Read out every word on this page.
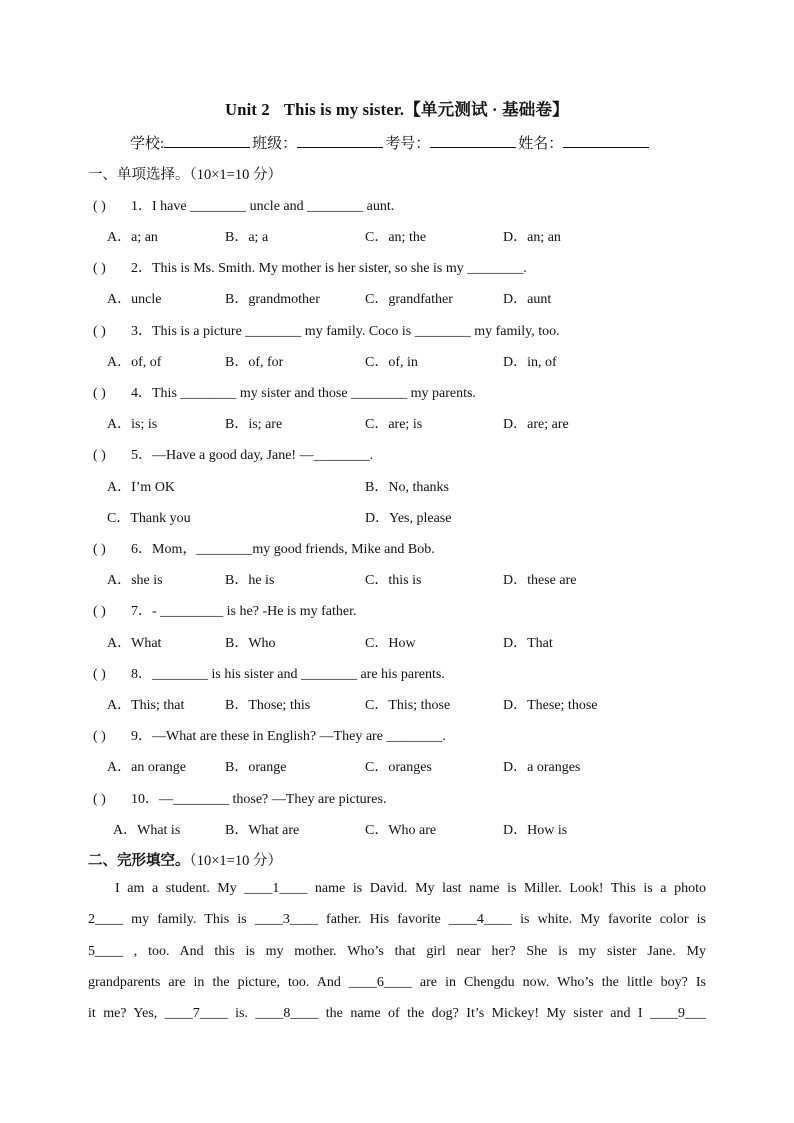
Unit 2 This is my sister.【单元测试 · 基础卷】
学校:	班级：	考号：	姓名：
一、单项选择。（10×1=10 分）
( ) 1．I have ________ uncle and ________ aunt.
A．a; an	B．a; a	C．an; the	D．an; an
( ) 2．This is Ms. Smith. My mother is her sister, so she is my ________.
A．uncle	B．grandmother	C．grandfather	D．aunt
( ) 3．This is a picture ________ my family. Coco is ________ my family, too.
A．of, of	B．of, for	C．of, in	D．in, of
( ) 4．This ________ my sister and those ________ my parents.
A．is; is	B．is; are	C．are; is	D．are; are
( ) 5．—Have a good day, Jane! —________.
A．I’m OK	B．No, thanks
C．Thank you	D．Yes, please
( ) 6．Mom，________my good friends, Mike and Bob.
A．she is	B．he is	C．this is	D．these are
( ) 7．- _________ is he? -He is my father.
A．What	B．Who	C．How	D．That
( ) 8．________ is his sister and ________ are his parents.
A．This; that	B．Those; this	C．This; those	D．These; those
( ) 9．—What are these in English? —They are ________.
A．an orange	B．orange	C．oranges	D．a oranges
( ) 10．—________ those? —They are pictures.
A．What is	B．What are	C．Who are	D．How is
二、完形填空。（10×1=10 分）
I am a student. My ____1____ name is David. My last name is Miller. Look! This is a photo
2____ my family. This is ____3____ father. His favorite ____4____ is white. My favorite color is
5____ , too. And this is my mother. Who’s that girl near her? She is my sister Jane. My
grandparents are in the picture, too. And ____6____ are in Chengdu now. Who’s the little boy? Is
it me? Yes, ____7____ is. ____8____ the name of the dog? It’s Mickey! My sister and I ____9___
